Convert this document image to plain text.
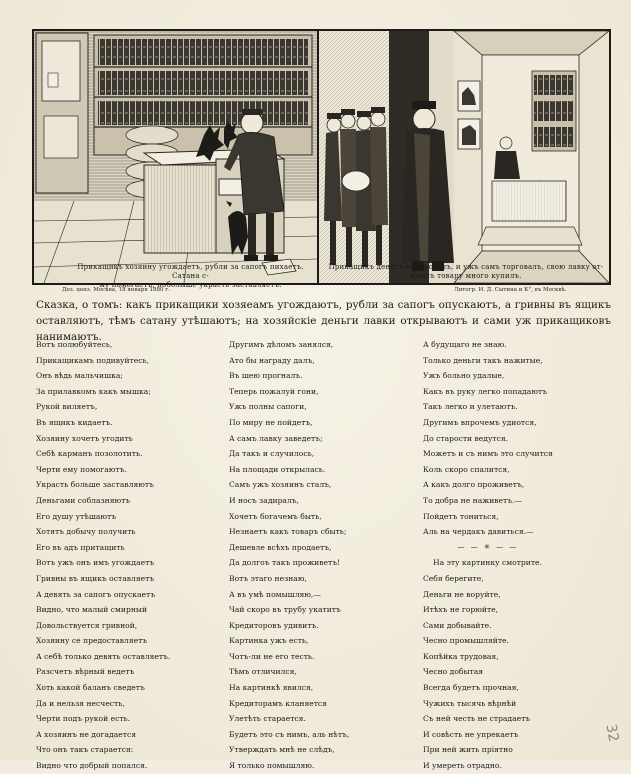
Прикащикъ хозяину угождаетъ, рубли за сапогъ пихаетъ. Сатана с-
му помогаетъ, поболыше украсть заставляетъ.
Прикащикъ денегъ нанаровалъ, и ужъ самъ торговалъ, свою лавку от-
крылъ товару много купилъ.
Доз. ценз. Москва, 18 января 1880 г.	Литогр. И. Д. Сытина и К°, въ Москвѣ.
Сказка, о томъ: какъ прикащики хозяеамъ угождаютъ, рубли за сапогъ опускаютъ, а гривны въ ящикъ оставляютъ, тѣмъ сатану утѣшаютъ; на хозяйскiе деньги лавки открываютъ и сами уж прикащиковъ нанимаютъ.
Вотъ полюбуйтесь,
Прикащикамъ подивуйтесь,
Онъ вѣдь мальчишка;
За прилавкомъ какъ мышка;
Рукой виляетъ,
Въ ящикъ кидаетъ.
Хозяину хочетъ угодить
Себѣ карманъ позолотить.
Черти ему помогаютъ.
Украсть больше заставляютъ
Деньгами соблазняютъ
Его душу утѣшаютъ
Хотятъ добычу получить
Его въ адъ притащить
Вотъ ужъ онъ имъ угождаетъ
Гривны въ ящикъ оставляетъ
А девять за сапогъ опускаетъ
Видно, что малый смирный
Довольствуется гривной,
Хозяину се предоставляетъ
А себѣ только девять оставляетъ.
Разсчетъ вѣрный ведетъ
Хоть какой баланъ сведетъ
Да и нельзя несчесть,
Черти подъ рукой есть.
А хозяинъ не догадается
Что онъ такъ старается:
Видно что добрый попался.
Другимъ дѣломъ занялся,
Ато бы награду далъ,
Въ шею прогналъ.
Теперь пожалуй гони,
Ужъ полны сапоги,
По миру не пойдетъ,
А самъ лавку заведетъ;
Да такъ и случилось,
На площади открылась.
Самъ ужъ хозяинъ сталъ,
И носъ задиралъ,
Хочетъ богачемъ быть,
Незнаетъ какъ товаръ сбыть;
Дешевле всѣхъ продаетъ,
Да долгоъ такъ проживетъ!
Вотъ этаго незнаю,
А въ умѣ помышляю,—
Чай скоро въ трубу укатитъ
Кредиторовъ удивитъ.
Картинка ужъ есть,
Чотъ-ли не его тесть.
Тѣмъ отличился,
На картинкѣ явился,
Кредиторамъ кланяется
Улетѣть старается.
Будетъ это съ нимъ, аль нѣтъ,
Утверждать мнѣ не слѣдъ,
Я только помышляю.
А будущаго не знаю.
Только деньги такъ нажитые,
Ужъ больно удалые,
Какъ въ руку легко попадаютъ
Такъ легко и улетаютъ.
Другимъ впрочемъ удиотся,
До старости ведутся.
Можетъ и съ нимъ это случится
Коль скоро спалится,
А какъ долго проживетъ,
То добра не наживетъ.—
Пойдетъ тониться,
Аль на чердакъ давиться.—
— — ✳ — —
На эту картинку смотрите.
Себя берегите,
Деньги не воруйте,
Итѣхъ не горюйте,
Сами добывайте.
Чесно промышляйте.
Копѣйка трудовая,
Чесно добытая
Всегда будетъ прочная,
Чужихъ тысячь вѣрнѣй
Съ ней честь не страдаетъ
И совѣсть не упрекаетъ
При ней жить пріятно
И умереть отрадно.
32
